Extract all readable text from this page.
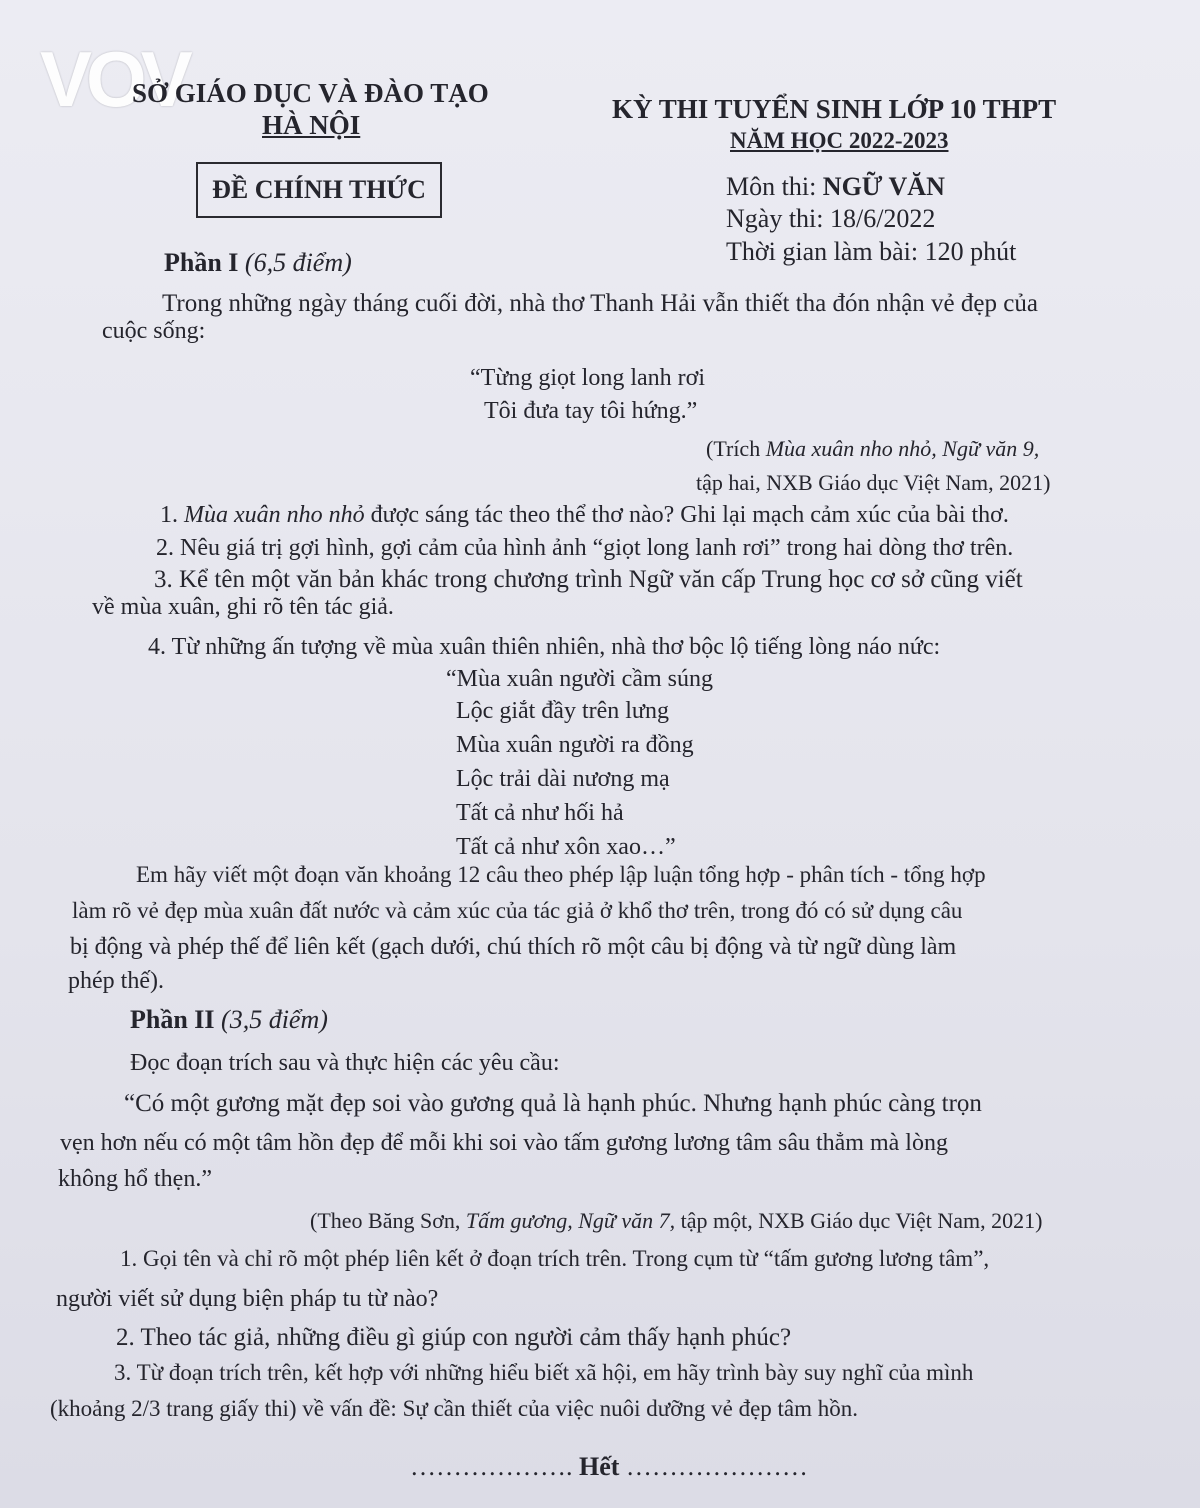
VOV
SỞ GIÁO DỤC VÀ ĐÀO TẠO
HÀ NỘI
ĐỀ CHÍNH THỨC
KỲ THI TUYỂN SINH LỚP 10 THPT
NĂM HỌC 2022-2023
Môn thi: NGỮ VĂN
Ngày thi: 18/6/2022
Thời gian làm bài: 120 phút
Phần I (6,5 điểm)
Trong những ngày tháng cuối đời, nhà thơ Thanh Hải vẫn thiết tha đón nhận vẻ đẹp của
cuộc sống:
“Từng giọt long lanh rơi
Tôi đưa tay tôi hứng.”
(Trích Mùa xuân nho nhỏ, Ngữ văn 9,
tập hai, NXB Giáo dục Việt Nam, 2021)
1. Mùa xuân nho nhỏ được sáng tác theo thể thơ nào? Ghi lại mạch cảm xúc của bài thơ.
2. Nêu giá trị gợi hình, gợi cảm của hình ảnh “giọt long lanh rơi” trong hai dòng thơ trên.
3. Kể tên một văn bản khác trong chương trình Ngữ văn cấp Trung học cơ sở cũng viết
về mùa xuân, ghi rõ tên tác giả.
4. Từ những ấn tượng về mùa xuân thiên nhiên, nhà thơ bộc lộ tiếng lòng náo nức:
“Mùa xuân người cầm súng
Lộc giắt đầy trên lưng
Mùa xuân người ra đồng
Lộc trải dài nương mạ
Tất cả như hối hả
Tất cả như xôn xao…”
Em hãy viết một đoạn văn khoảng 12 câu theo phép lập luận tổng hợp - phân tích - tổng hợp
làm rõ vẻ đẹp mùa xuân đất nước và cảm xúc của tác giả ở khổ thơ trên, trong đó có sử dụng câu
bị động và phép thế để liên kết (gạch dưới, chú thích rõ một câu bị động và từ ngữ dùng làm
phép thế).
Phần II (3,5 điểm)
Đọc đoạn trích sau và thực hiện các yêu cầu:
“Có một gương mặt đẹp soi vào gương quả là hạnh phúc. Nhưng hạnh phúc càng trọn
vẹn hơn nếu có một tâm hồn đẹp để mỗi khi soi vào tấm gương lương tâm sâu thẳm mà lòng
không hổ thẹn.”
(Theo Băng Sơn, Tấm gương, Ngữ văn 7, tập một, NXB Giáo dục Việt Nam, 2021)
1. Gọi tên và chỉ rõ một phép liên kết ở đoạn trích trên. Trong cụm từ “tấm gương lương tâm”,
người viết sử dụng biện pháp tu từ nào?
2. Theo tác giả, những điều gì giúp con người cảm thấy hạnh phúc?
3. Từ đoạn trích trên, kết hợp với những hiểu biết xã hội, em hãy trình bày suy nghĩ của mình
(khoảng 2/3 trang giấy thi) về vấn đề: Sự cần thiết của việc nuôi dưỡng vẻ đẹp tâm hồn.
………………. Hết …………………
